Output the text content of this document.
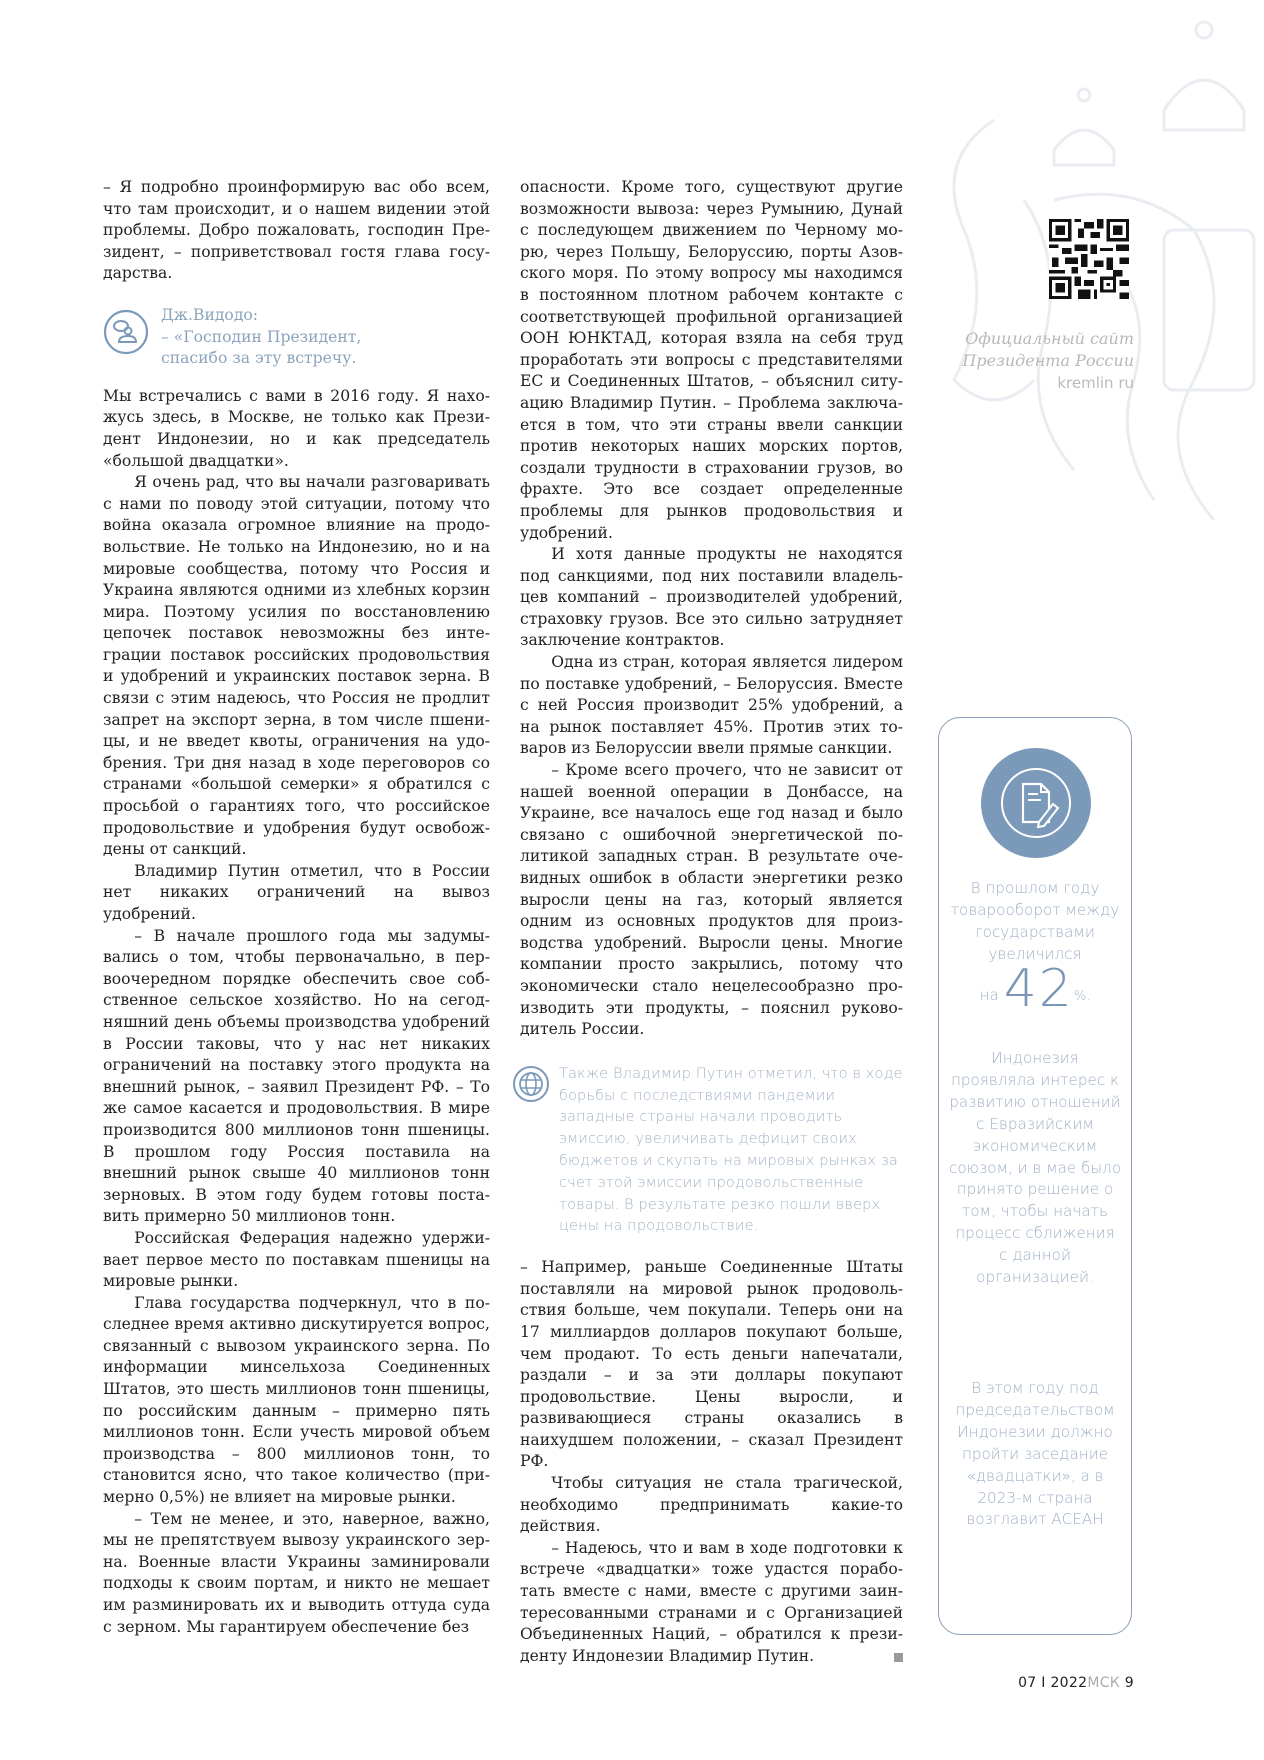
– Я подробно проинформирую вас обо всем, что там происходит, и о нашем видении этой проблемы. Добро пожаловать, господин Президент, – поприветствовал гостя глава государства.

Дж.Видодо:
– «Господин Президент,
спасибо за эту встречу.

Мы встречались с вами в 2016 году. Я нахожусь здесь, в Москве, не только как Президент Индонезии, но и как председатель «большой двадцатки».

Я очень рад, что вы начали разговаривать с нами по поводу этой ситуации, потому что война оказала огромное влияние на продовольствие. Не только на Индонезию, но и на мировые сообщества, потому что Россия и Украина являются одними из хлебных корзин мира. Поэтому усилия по восстановлению цепочек поставок невозможны без интеграции поставок российских продовольствия и удобрений и украинских поставок зерна. В связи с этим надеюсь, что Россия не продлит запрет на экспорт зерна, в том числе пшеницы, и не введет квоты, ограничения на удобрения. Три дня назад в ходе переговоров со странами «большой семерки» я обратился с просьбой о гарантиях того, что российское продовольствие и удобрения будут освобождены от санкций.

Владимир Путин отметил, что в России нет никаких ограничений на вывоз удобрений.

– В начале прошлого года мы задумывались о том, чтобы первоначально, в первоочередном порядке обеспечить свое собственное сельское хозяйство. Но на сегодняшний день объемы производства удобрений в России таковы, что у нас нет никаких ограничений на поставку этого продукта на внешний рынок, – заявил Президент РФ. – То же самое касается и продовольствия. В мире производится 800 миллионов тонн пшеницы. В прошлом году Россия поставила на внешний рынок свыше 40 миллионов тонн зерновых. В этом году будем готовы поставить примерно 50 миллионов тонн.

Российская Федерация надежно удерживает первое место по поставкам пшеницы на мировые рынки.

Глава государства подчеркнул, что в последнее время активно дискутируется вопрос, связанный с вывозом украинского зерна. По информации минсельхоза Соединенных Штатов, это шесть миллионов тонн пшеницы, по российским данным – примерно пять миллионов тонн. Если учесть мировой объем производства – 800 миллионов тонн, то становится ясно, что такое количество (примерно 0,5%) не влияет на мировые рынки.

– Тем не менее, и это, наверное, важно, мы не препятствуем вывозу украинского зерна. Военные власти Украины заминировали подходы к своим портам, и никто не мешает им разминировать их и выводить оттуда суда с зерном. Мы гарантируем обеспечение без

опасности. Кроме того, существуют другие возможности вывоза: через Румынию, Дунай с последующем движением по Черному морю, через Польшу, Белоруссию, порты Азовского моря. По этому вопросу мы находимся в постоянном плотном рабочем контакте с соответствующей профильной организацией ООН ЮНКТАД, которая взяла на себя труд проработать эти вопросы с представителями ЕС и Соединенных Штатов, – объяснил ситуацию Владимир Путин. – Проблема заключается в том, что эти страны ввели санкции против некоторых наших морских портов, создали трудности в страховании грузов, во фрахте. Это все создает определенные проблемы для рынков продовольствия и удобрений.

И хотя данные продукты не находятся под санкциями, под них поставили владельцев компаний – производителей удобрений, страховку грузов. Все это сильно затрудняет заключение контрактов.

Одна из стран, которая является лидером по поставке удобрений, – Белоруссия. Вместе с ней Россия производит 25% удобрений, а на рынок поставляет 45%. Против этих товаров из Белоруссии ввели прямые санкции.

– Кроме всего прочего, что не зависит от нашей военной операции в Донбассе, на Украине, все началось еще год назад и было связано с ошибочной энергетической политикой западных стран. В результате очевидных ошибок в области энергетики резко выросли цены на газ, который является одним из основных продуктов для производства удобрений. Выросли цены. Многие компании просто закрылись, потому что экономически стало нецелесообразно производить эти продукты, – пояснил руководитель России.

Также Владимир Путин отметил, что в ходе борьбы с последствиями пандемии западные страны начали проводить эмиссию, увеличивать дефицит своих бюджетов и скупать на мировых рынках за счет этой эмиссии продовольственные товары. В результате резко пошли вверх цены на продовольствие.

– Например, раньше Соединенные Штаты поставляли на мировой рынок продовольствия больше, чем покупали. Теперь они на 17 миллиардов долларов покупают больше, чем продают. То есть деньги напечатали, раздали – и за эти доллары покупают продовольствие. Цены выросли, и развивающиеся страны оказались в наихудшем положении, – сказал Президент РФ.

Чтобы ситуация не стала трагической, необходимо предпринимать какие-то действия.

– Надеюсь, что и вам в ходе подготовки к встрече «двадцатки» тоже удастся поработать вместе с нами, вместе с другими заинтересованными странами и с Организацией Объединенных Наций, – обратился к президенту Индонезии Владимир Путин.

Официальный сайт
Президента России
kremlin ru
В прошлом году товарооборот между государствами увеличился
на 42%.
Индонезия проявляла интерес к развитию отношений с Евразийским экономическим союзом, и в мае было принято решение о том, чтобы начать процесс сближения с данной организацией.
В этом году под председательством Индонезии должно пройти заседание «двадцатки», а в 2023-м страна возглавит АСЕАН
07 I 2022МСК 9
